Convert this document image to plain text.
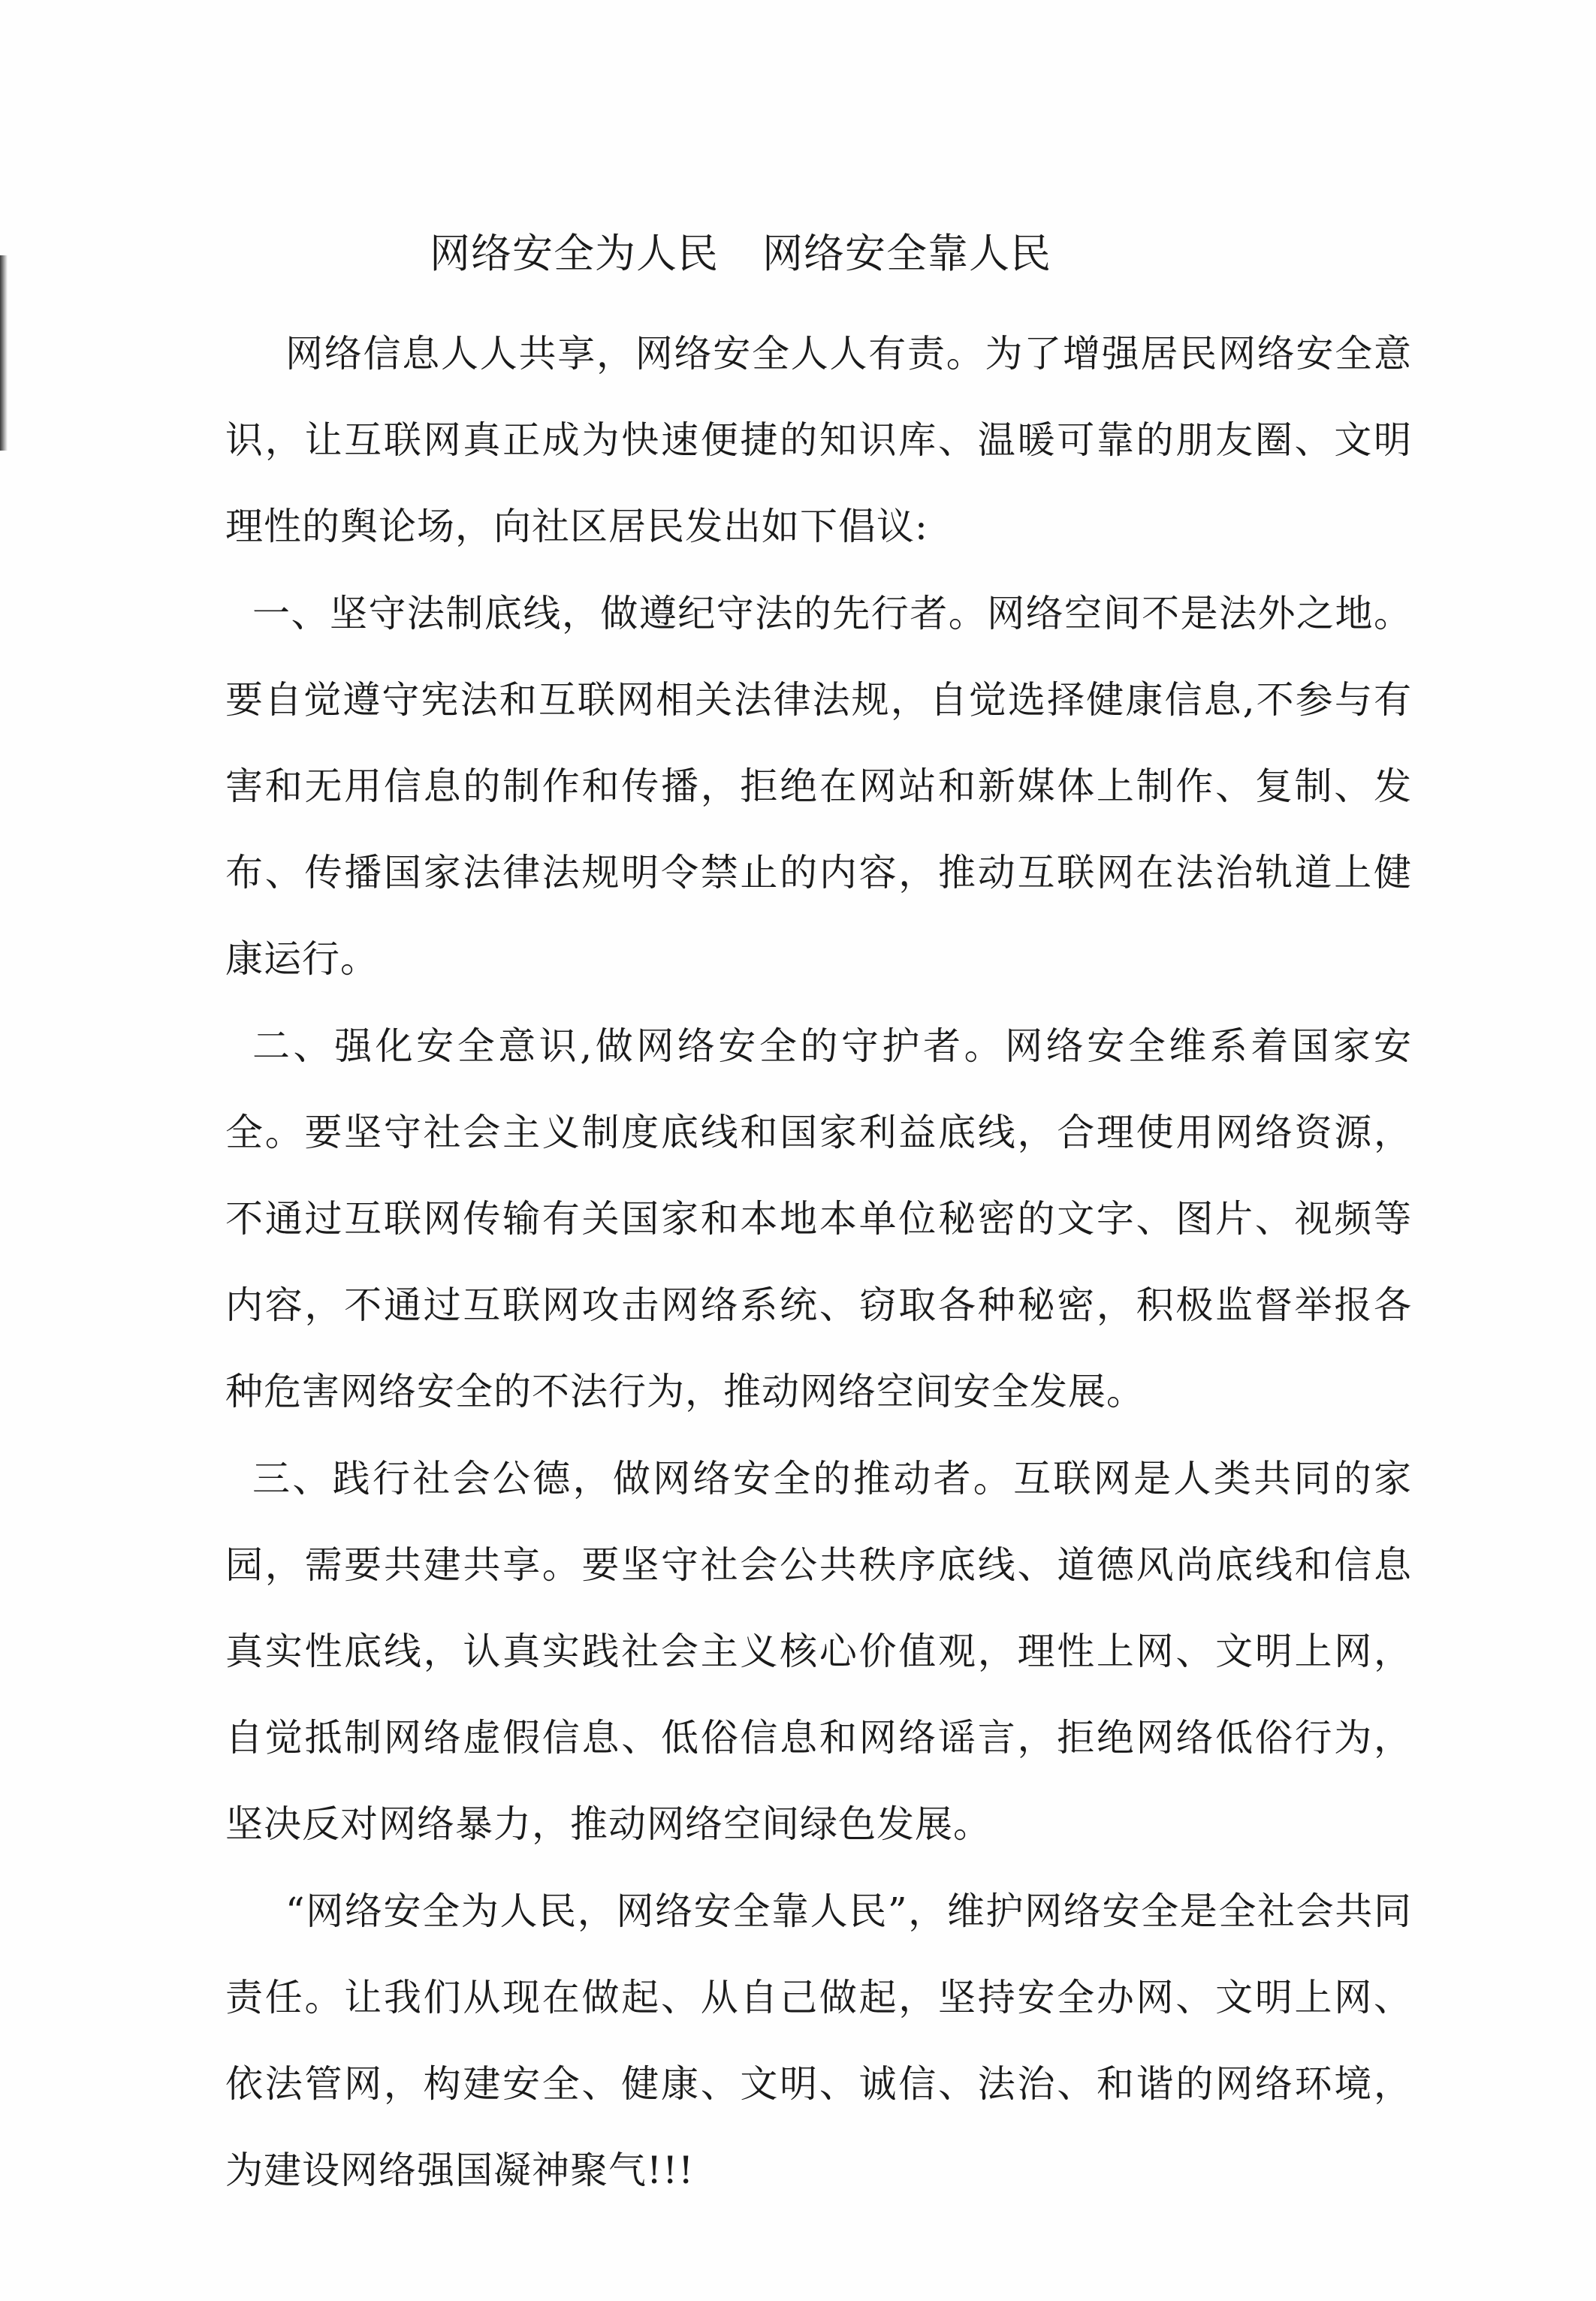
网络安全为人民 网络安全靠人民

网络信息人人共享，网络安全人人有责。为了增强居民网络安全意识，让互联网真正成为快速便捷的知识库、温暖可靠的朋友圈、文明理性的舆论场，向社区居民发出如下倡议:

一、坚守法制底线，做遵纪守法的先行者。网络空间不是法外之地。要自觉遵守宪法和互联网相关法律法规，自觉选择健康信息,不参与有害和无用信息的制作和传播，拒绝在网站和新媒体上制作、复制、发布、传播国家法律法规明令禁止的内容，推动互联网在法治轨道上健康运行。

二、强化安全意识,做网络安全的守护者。网络安全维系着国家安全。要坚守社会主义制度底线和国家利益底线，合理使用网络资源，不通过互联网传输有关国家和本地本单位秘密的文字、图片、视频等内容，不通过互联网攻击网络系统、窃取各种秘密，积极监督举报各种危害网络安全的不法行为，推动网络空间安全发展。

三、践行社会公德，做网络安全的推动者。互联网是人类共同的家园，需要共建共享。要坚守社会公共秩序底线、道德风尚底线和信息真实性底线，认真实践社会主义核心价值观，理性上网、文明上网，自觉抵制网络虚假信息、低俗信息和网络谣言，拒绝网络低俗行为，坚决反对网络暴力，推动网络空间绿色发展。

“网络安全为人民，网络安全靠人民”，维护网络安全是全社会共同责任。让我们从现在做起、从自己做起，坚持安全办网、文明上网、依法管网，构建安全、健康、文明、诚信、法治、和谐的网络环境，为建设网络强国凝神聚气!!!
